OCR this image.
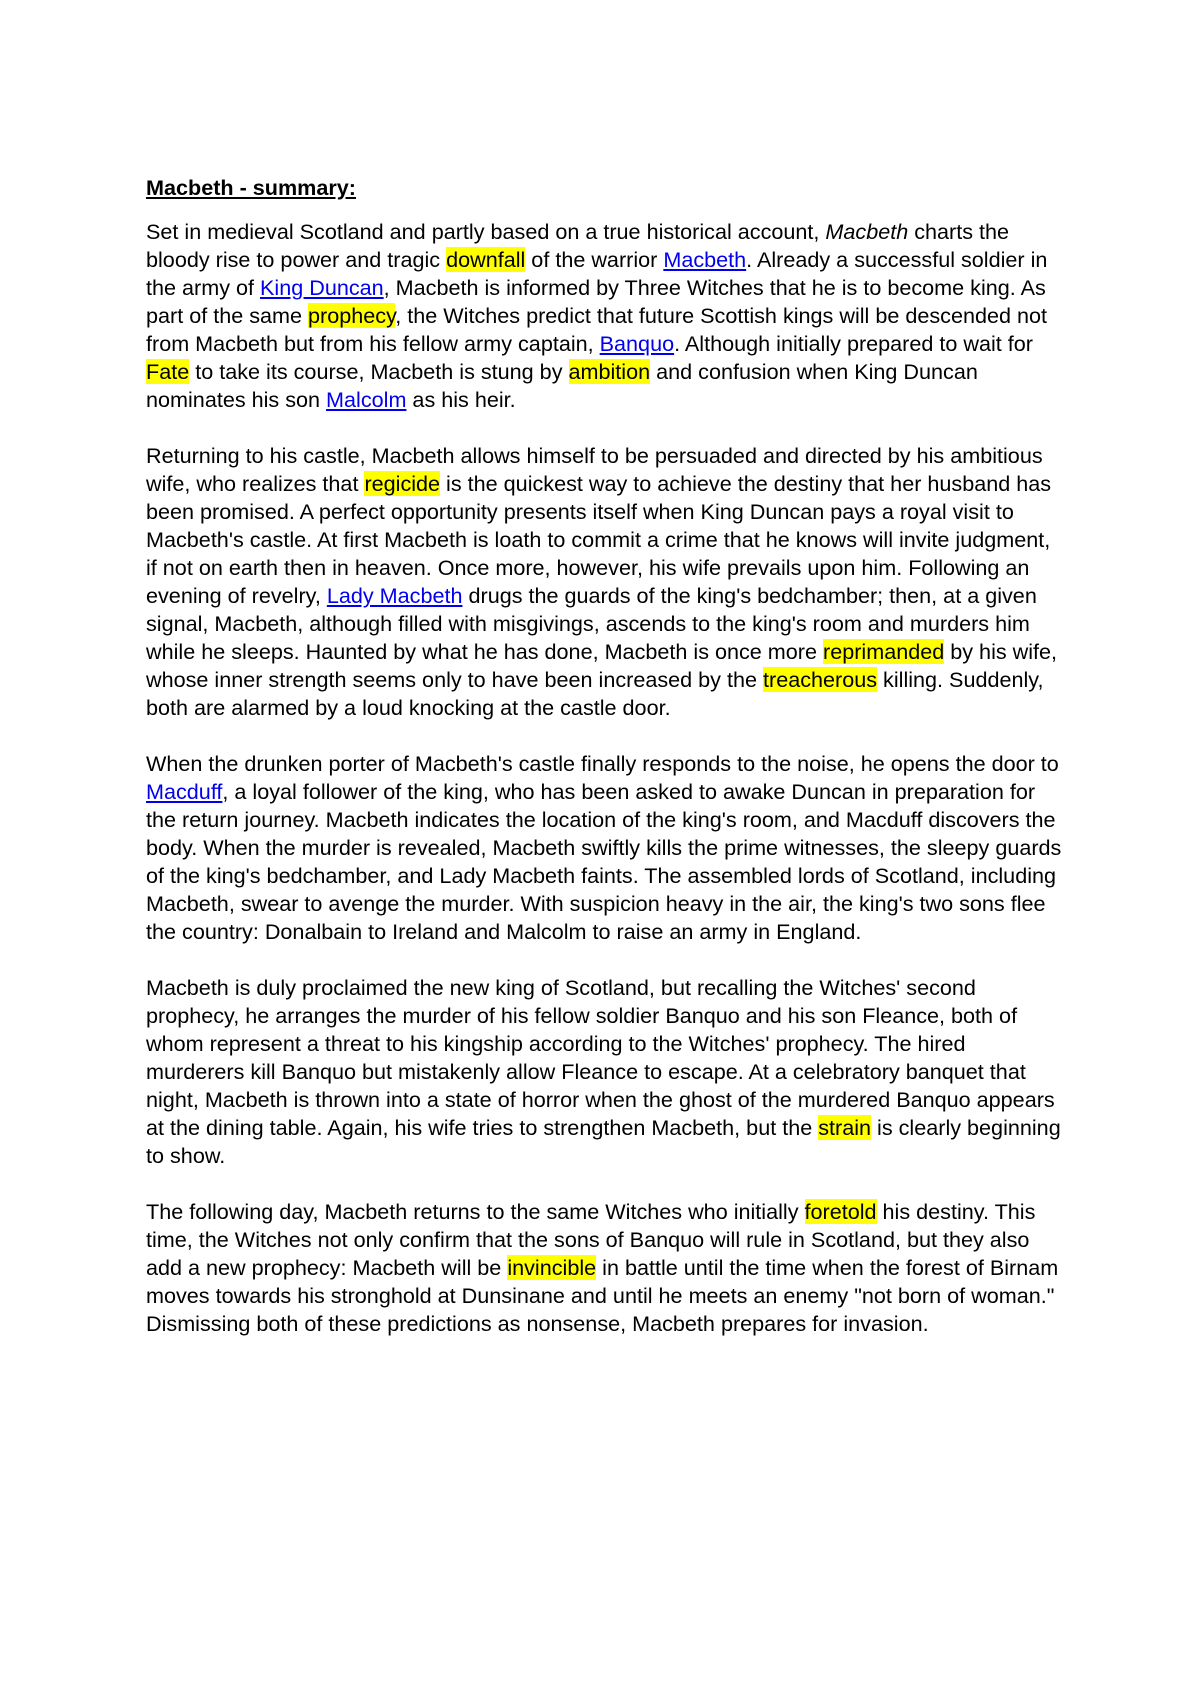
Macbeth - summary:

Set in medieval Scotland and partly based on a true historical account, Macbeth charts the bloody rise to power and tragic downfall of the warrior Macbeth. Already a successful soldier in the army of King Duncan, Macbeth is informed by Three Witches that he is to become king. As part of the same prophecy, the Witches predict that future Scottish kings will be descended not from Macbeth but from his fellow army captain, Banquo. Although initially prepared to wait for Fate to take its course, Macbeth is stung by ambition and confusion when King Duncan nominates his son Malcolm as his heir.

Returning to his castle, Macbeth allows himself to be persuaded and directed by his ambitious wife, who realizes that regicide is the quickest way to achieve the destiny that her husband has been promised. A perfect opportunity presents itself when King Duncan pays a royal visit to Macbeth's castle. At first Macbeth is loath to commit a crime that he knows will invite judgment, if not on earth then in heaven. Once more, however, his wife prevails upon him. Following an evening of revelry, Lady Macbeth drugs the guards of the king's bedchamber; then, at a given signal, Macbeth, although filled with misgivings, ascends to the king's room and murders him while he sleeps. Haunted by what he has done, Macbeth is once more reprimanded by his wife, whose inner strength seems only to have been increased by the treacherous killing. Suddenly, both are alarmed by a loud knocking at the castle door.

When the drunken porter of Macbeth's castle finally responds to the noise, he opens the door to Macduff, a loyal follower of the king, who has been asked to awake Duncan in preparation for the return journey. Macbeth indicates the location of the king's room, and Macduff discovers the body. When the murder is revealed, Macbeth swiftly kills the prime witnesses, the sleepy guards of the king's bedchamber, and Lady Macbeth faints. The assembled lords of Scotland, including Macbeth, swear to avenge the murder. With suspicion heavy in the air, the king's two sons flee the country: Donalbain to Ireland and Malcolm to raise an army in England.

Macbeth is duly proclaimed the new king of Scotland, but recalling the Witches' second prophecy, he arranges the murder of his fellow soldier Banquo and his son Fleance, both of whom represent a threat to his kingship according to the Witches' prophecy. The hired murderers kill Banquo but mistakenly allow Fleance to escape. At a celebratory banquet that night, Macbeth is thrown into a state of horror when the ghost of the murdered Banquo appears at the dining table. Again, his wife tries to strengthen Macbeth, but the strain is clearly beginning to show.

The following day, Macbeth returns to the same Witches who initially foretold his destiny. This time, the Witches not only confirm that the sons of Banquo will rule in Scotland, but they also add a new prophecy: Macbeth will be invincible in battle until the time when the forest of Birnam moves towards his stronghold at Dunsinane and until he meets an enemy "not born of woman." Dismissing both of these predictions as nonsense, Macbeth prepares for invasion.
